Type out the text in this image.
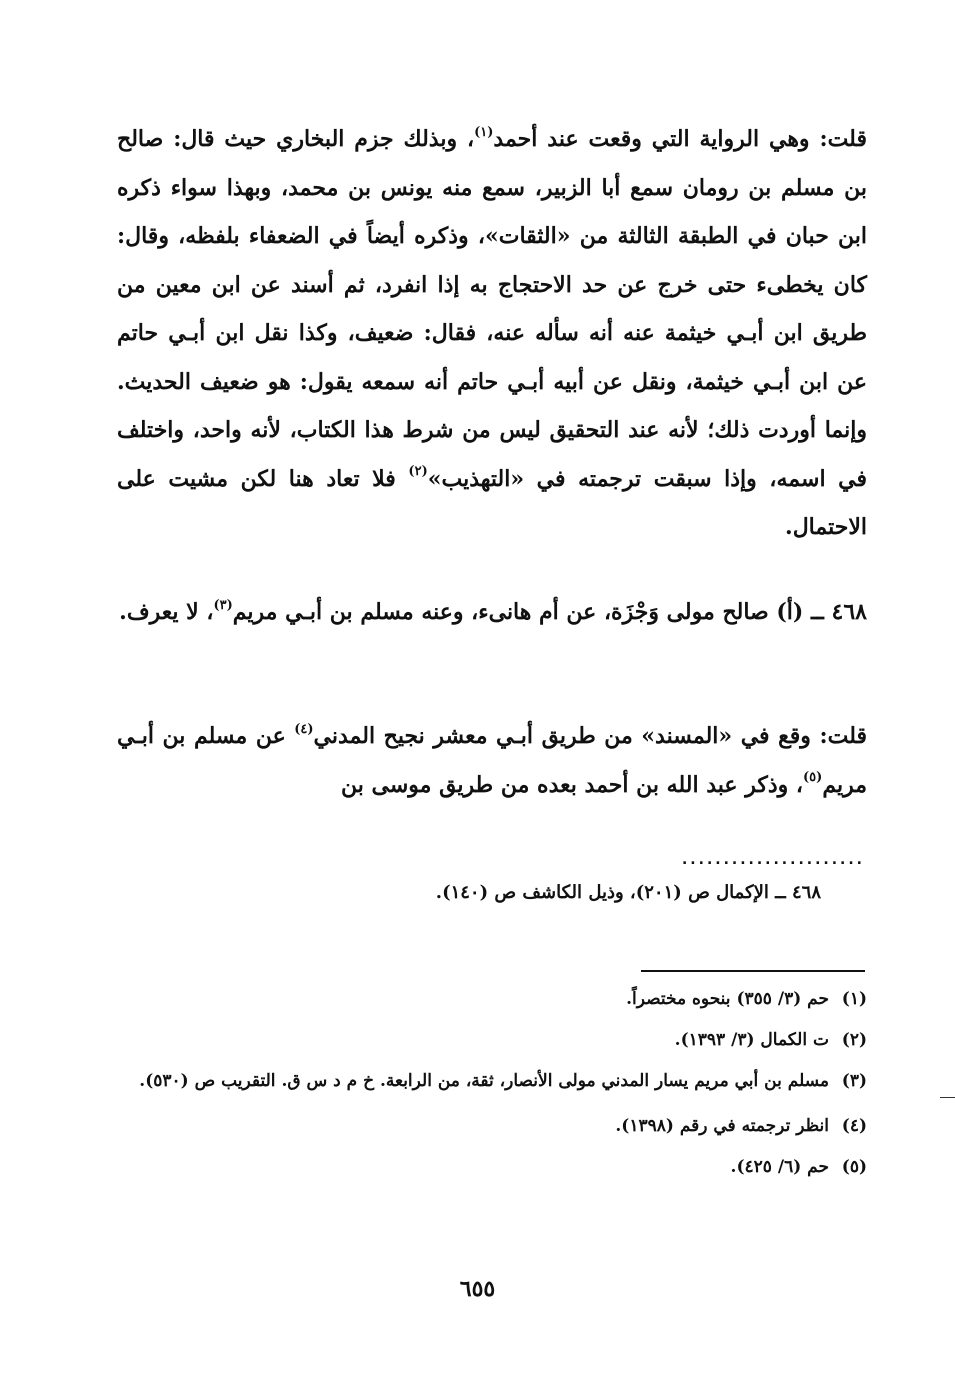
قلت: وهي الرواية التي وقعت عند أحمد$^{(١)}$، وبذلك جزم البخاري حيث قال: صالح بن مسلم بن رومان سمع أبا الزبير، سمع منه يونس بن محمد، وبهذا سواء ذكره ابن حبان في الطبقة الثالثة من «الثقات»، وذكره أيضاً في الضعفاء بلفظه، وقال: كان يخطىء حتى خرج عن حد الاحتجاج به إذا انفرد، ثم أسند عن ابن معين من طريق ابن أبـي خيثمة عنه أنه سأله عنه، فقال: ضعيف، وكذا نقل ابن أبـي حاتم عن ابن أبـي خيثمة، ونقل عن أبيه أبـي حاتم أنه سمعه يقول: هو ضعيف الحديث. وإنما أوردت ذلك؛ لأنه عند التحقيق ليس من شرط هذا الكتاب، لأنه واحد، واختلف في اسمه، وإذا سبقت ترجمته في «التهذيب»$^{(٢)}$ فلا تعاد هنا لكن مشيت على الاحتمال.

٤٦٨ ــ (أ) صالح مولى وَجْزَة، عن أم هانىء، وعنه مسلم بن أبـي مريم$^{(٣)}$، لا يعرف.

قلت: وقع في «المسند» من طريق أبـي معشر نجيح المدني$^{(٤)}$ عن مسلم بن أبـي مريم$^{(٥)}$، وذكر عبد الله بن أحمد بعده من طريق موسى بن

......................

٤٦٨ ــ الإكمال ص (٢٠١)، وذيل الكاشف ص (١٤٠).

(١)
حم (٣/ ٣٥٥) بنحوه مختصراً.
(٢)
ت الكمال (٣/ ١٣٩٣).
(٣)
مسلم بن أبي مريم يسار المدني مولى الأنصار، ثقة، من الرابعة. خ م د س ق. التقريب ص (٥٣٠).
(٤)
انظر ترجمته في رقم (١٣٩٨).
(٥)
حم (٦/ ٤٢٥).
٦٥٥
